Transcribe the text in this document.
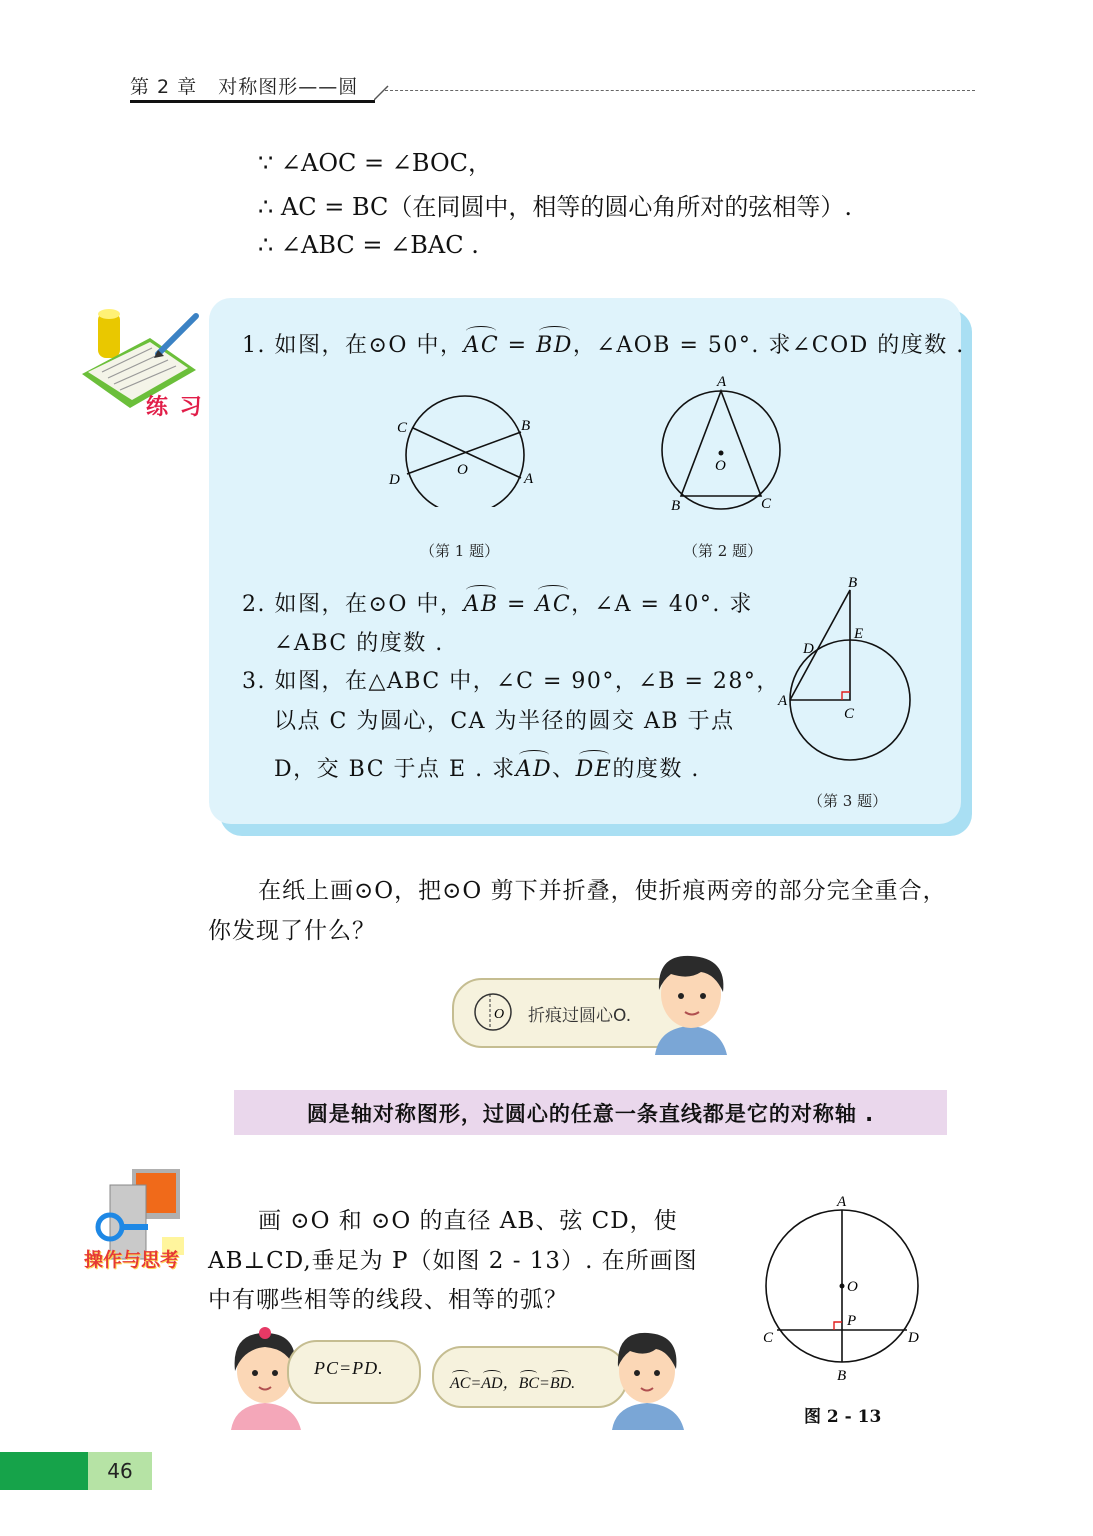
第 2 章 对称图形——圆
∵ ∠AOC = ∠BOC，
∴ AC = BC（在同圆中，相等的圆心角所对的弦相等）.
∴ ∠ABC = ∠BAC .
练 习
1. 如图，在⊙O 中，AC = BD，∠AOB = 50°. 求∠COD 的度数 .
C	B
O
D	A
（第 1 题）
A
O
B	C
（第 2 题）
2. 如图，在⊙O 中，AB = AC，∠A = 40°. 求
∠ABC 的度数 .
3. 如图，在△ABC 中，∠C = 90°，∠B = 28°，
以点 C 为圆心，CA 为半径的圆交 AB 于点
D，交 BC 于点 E . 求AD、DE的度数 .
B
E
D
A
C
（第 3 题）
在纸上画⊙O，把⊙O 剪下并折叠，使折痕两旁的部分完全重合，
你发现了什么？
O 折痕过圆心O.
圆是轴对称图形，过圆心的任意一条直线都是它的对称轴 .
操作与思考
画 ⊙O 和 ⊙O 的直径 AB、弦 CD，使
AB⊥CD,垂足为 P（如图 2 - 13）. 在所画图
中有哪些相等的线段、相等的弧？
PC=PD.
AC=AD，BC=BD.
A
O
P
C	D
B
图 2 - 13
46
